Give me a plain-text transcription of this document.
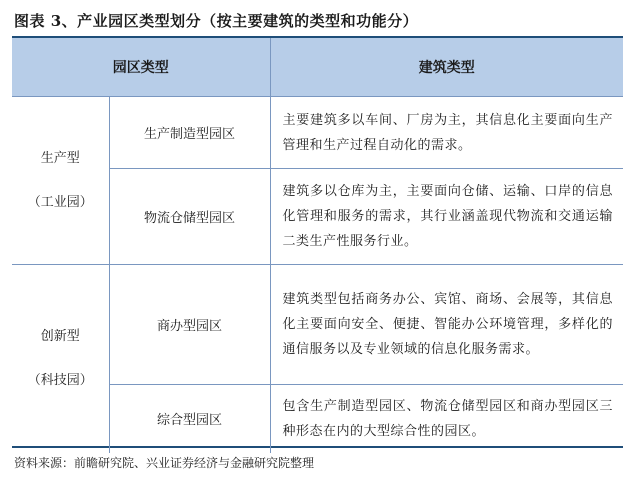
图表 3、产业园区类型划分（按主要建筑的类型和功能分）
园区类型		建筑类型
生产型
（工业园）	生产制造型园区	主要建筑多以车间、厂房为主，其信息化主要面向生产管理和生产过程自动化的需求。
	物流仓储型园区	建筑多以仓库为主，主要面向仓储、运输、口岸的信息化管理和服务的需求，其行业涵盖现代物流和交通运输二类生产性服务行业。
创新型
（科技园）	商办型园区	建筑类型包括商务办公、宾馆、商场、会展等，其信息化主要面向安全、便捷、智能办公环境管理，多样化的通信服务以及专业领域的信息化服务需求。
	综合型园区	包含生产制造型园区、物流仓储型园区和商办型园区三种形态在内的大型综合性的园区。
资料来源：前瞻研究院、兴业证券经济与金融研究院整理
